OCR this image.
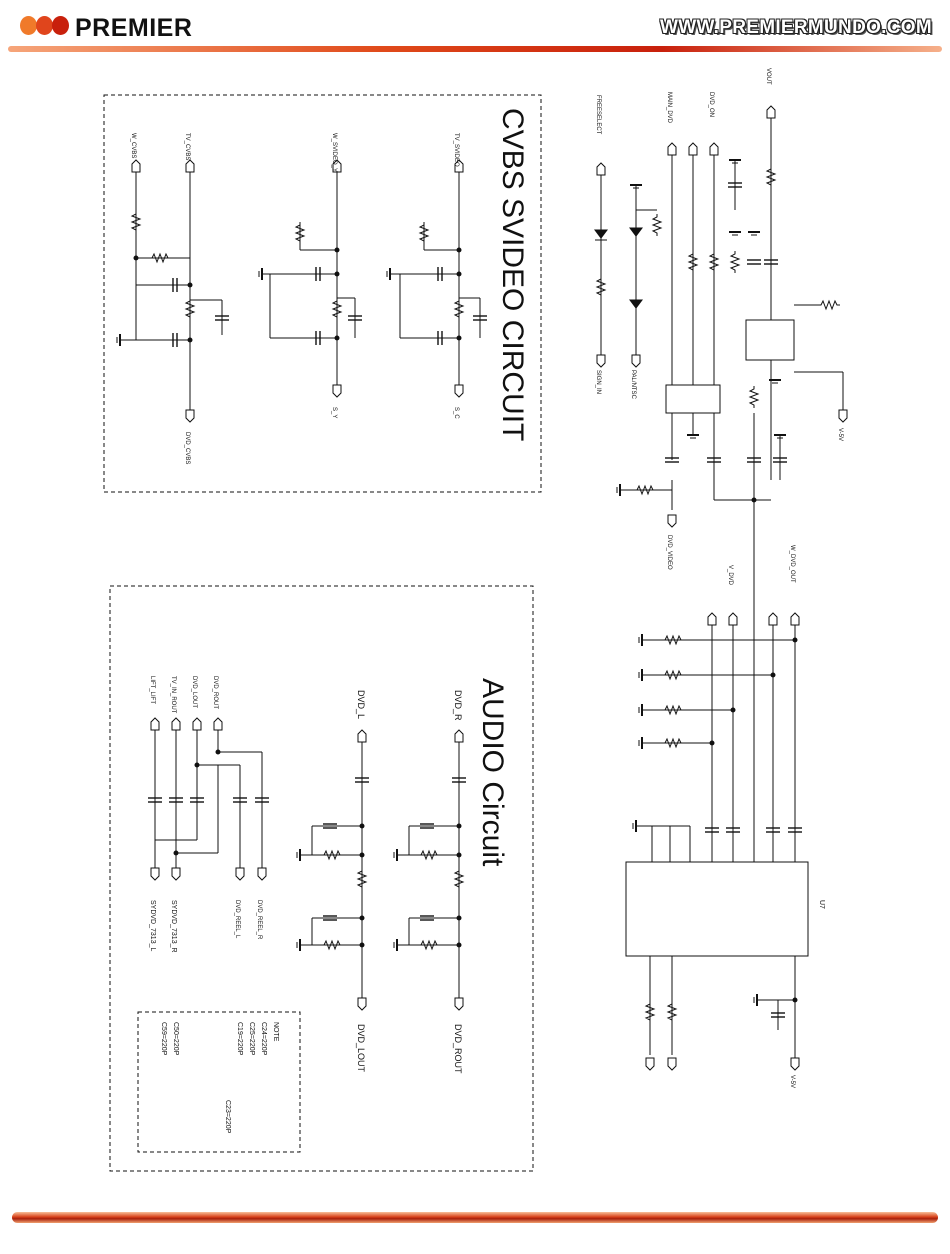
PREMIER	WWW.PREMIERMUNDO.COM
CVBS SVIDEO CIRCUIT
W_CVBS	TV_CVBS
DVD_CVBS
W_SVIDEO_Y
S_Y
TV_SVIDEO
S_C
AUDIO Circuit
LIFT_LIFT	TV_IN_ROUT	DVD_LOUT	DVD_ROUT
SYDVD_7313_L SYDVD_7313_R	DVD_REEL_L	DVD_REEL_R
DVD_L
DVD_LOUT
DVD_R
DVD_ROUT
NOTE
C24=220P
C25=220P
C19=220P
C23=220P
C50=220P
C59=220P
FREESELECT
PAL/NTSC
MAIN_DVD	DVD_ON
VOUT
SIGN_IN
V_DVD
DVD_VIDEO	W_DVD_OUT
V-5V
V-5V
U7
